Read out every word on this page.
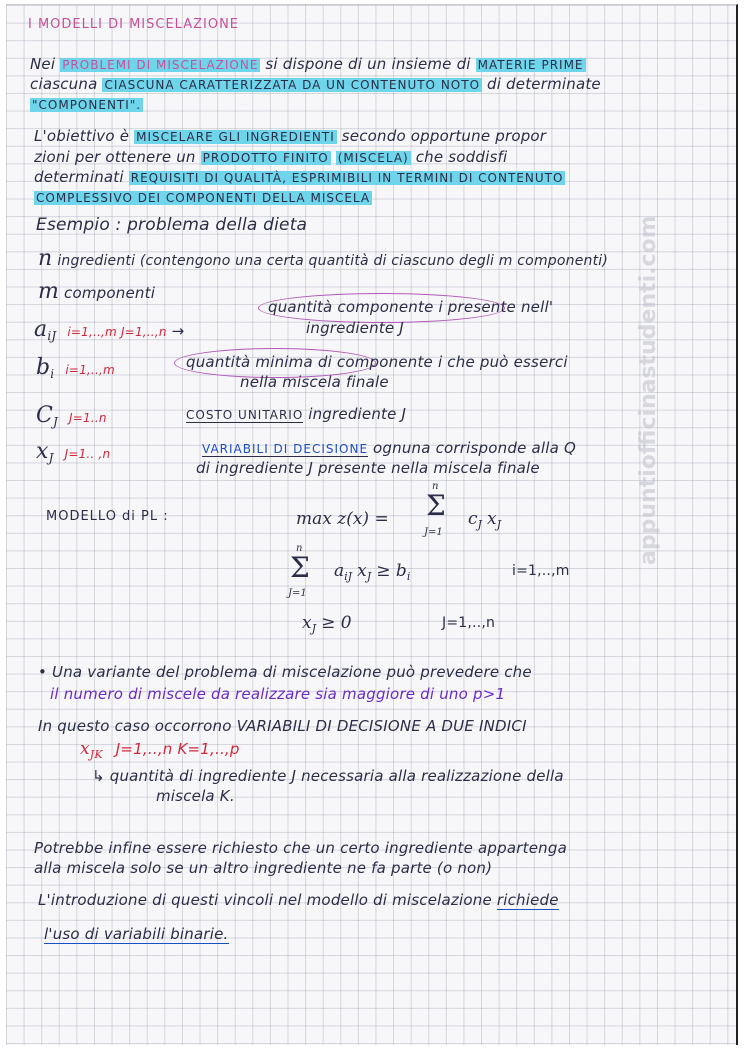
I MODELLI DI MISCELAZIONE
Nei PROBLEMI DI MISCELAZIONE si dispone di un insieme di MATERIE PRIME
ciascuna CIASCUNA CARATTERIZZATA DA UN CONTENUTO NOTO di determinate
"COMPONENTI".
L'obiettivo è MISCELARE GLI INGREDIENTI secondo opportune propor
zioni per ottenere un PRODOTTO FINITO (MISCELA) che soddisfi
determinati REQUISITI DI QUALITÀ, ESPRIMIBILI IN TERMINI DI CONTENUTO
COMPLESSIVO DEI COMPONENTI DELLA MISCELA
Esempio : problema della dieta
n ingredienti (contengono una certa quantità di ciascuno degli m componenti)
m componenti
$a_{iJ}$ i=1,..,m J=1,..,n →
quantità componente i presente nell'
ingrediente J
$b_i$ i=1,..,m	quantità minima di componente i che può esserci
nella miscela finale
$C_J$ J=1..n	COSTO UNITARIO ingrediente J
$x_J$ J=1.. ,n	VARIABILI DI DECISIONE ognuna corrisponde alla Q
di ingrediente J presente nella miscela finale
MODELLO di PL :	max z(x) =
n
Σ
J=1
$c_J$ $x_J$
n
Σ
J=1
$a_{iJ}$ $x_J \ge b_i$	i=1,..,m
$x_J \ge 0$	J=1,..,n
• Una variante del problema di miscelazione può prevedere che
il numero di miscele da realizzare sia maggiore di uno p>1
In questo caso occorrono VARIABILI DI DECISIONE A DUE INDICI
$x_{JK}$ J=1,..,n K=1,..,p
↳ quantità di ingrediente J necessaria alla realizzazione della
miscela K.
Potrebbe infine essere richiesto che un certo ingrediente appartenga
alla miscela solo se un altro ingrediente ne fa parte (o non)
L'introduzione di questi vincoli nel modello di miscelazione richiede
l'uso di variabili binarie.
appuntiofficinastudenti.com
